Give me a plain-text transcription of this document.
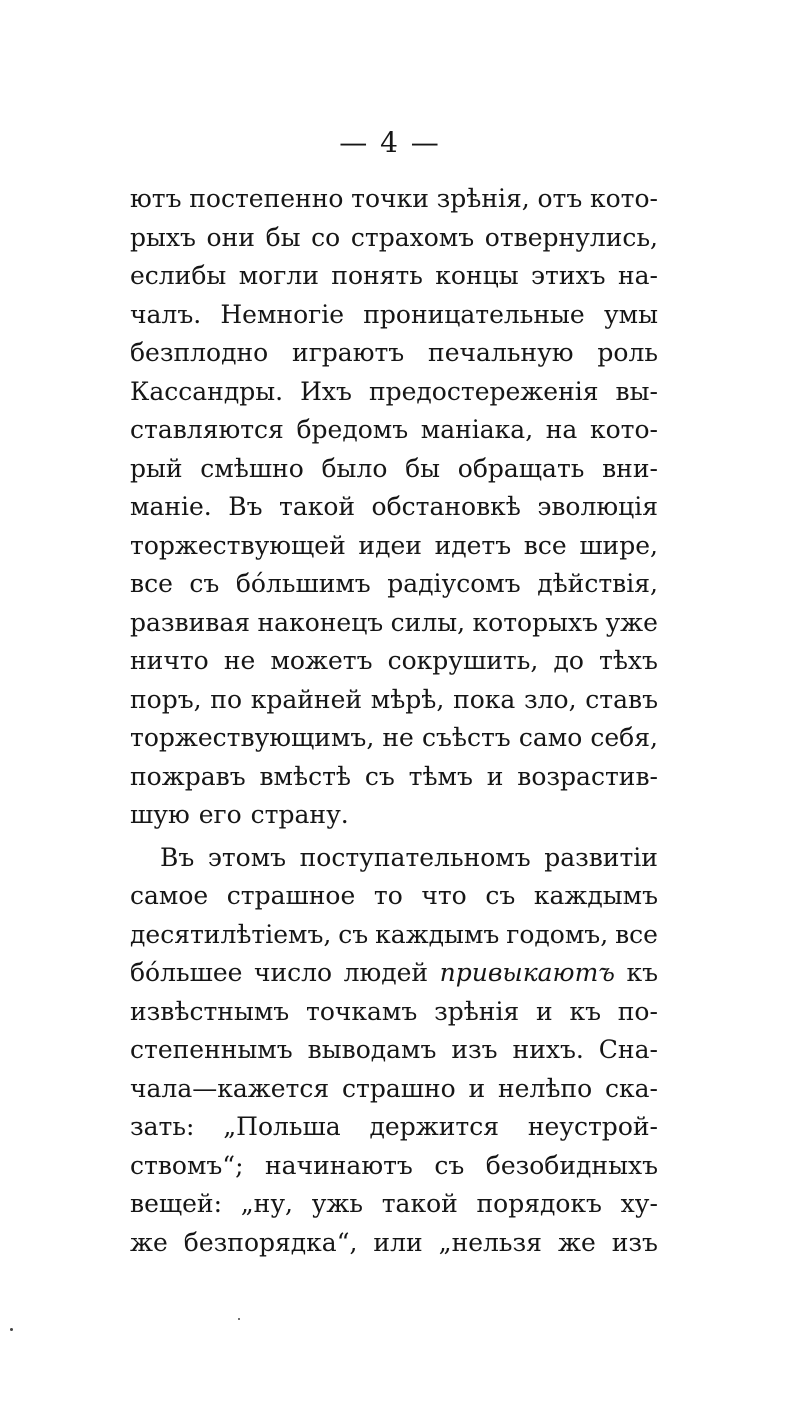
— 4 —
ютъ постепенно точки зрѣнія, отъ кото-
рыхъ они бы со страхомъ отвернулись,
еслибы могли понять концы этихъ на-
чалъ. Немногіе проницательные умы
безплодно играютъ печальную роль
Кассандры. Ихъ предостереженія вы-
ставляются бредомъ маніака, на кото-
рый смѣшно было бы обращать вни-
маніе. Въ такой обстановкѣ эволюція
торжествующей идеи идетъ все шире,
все съ бóльшимъ радіусомъ дѣйствія,
развивая наконецъ силы, которыхъ уже
ничто не можетъ сокрушить, до тѣхъ
поръ, по крайней мѣрѣ, пока зло, ставъ
торжествующимъ, не съѣстъ само себя,
пожравъ вмѣстѣ съ тѣмъ и возрастив-
шую его страну.
Въ этомъ поступательномъ развитіи
самое страшное то что съ каждымъ
десятилѣтіемъ, съ каждымъ годомъ, все
бóльшее число людей привыкаютъ къ
извѣстнымъ точкамъ зрѣнія и къ по-
степеннымъ выводамъ изъ нихъ. Сна-
чала—кажется страшно и нелѣпо ска-
зать: „Польша держится неустрой-
ствомъ“; начинаютъ съ безобидныхъ
вещей: „ну, ужь такой порядокъ ху-
же безпорядка“, или „нельзя же изъ
